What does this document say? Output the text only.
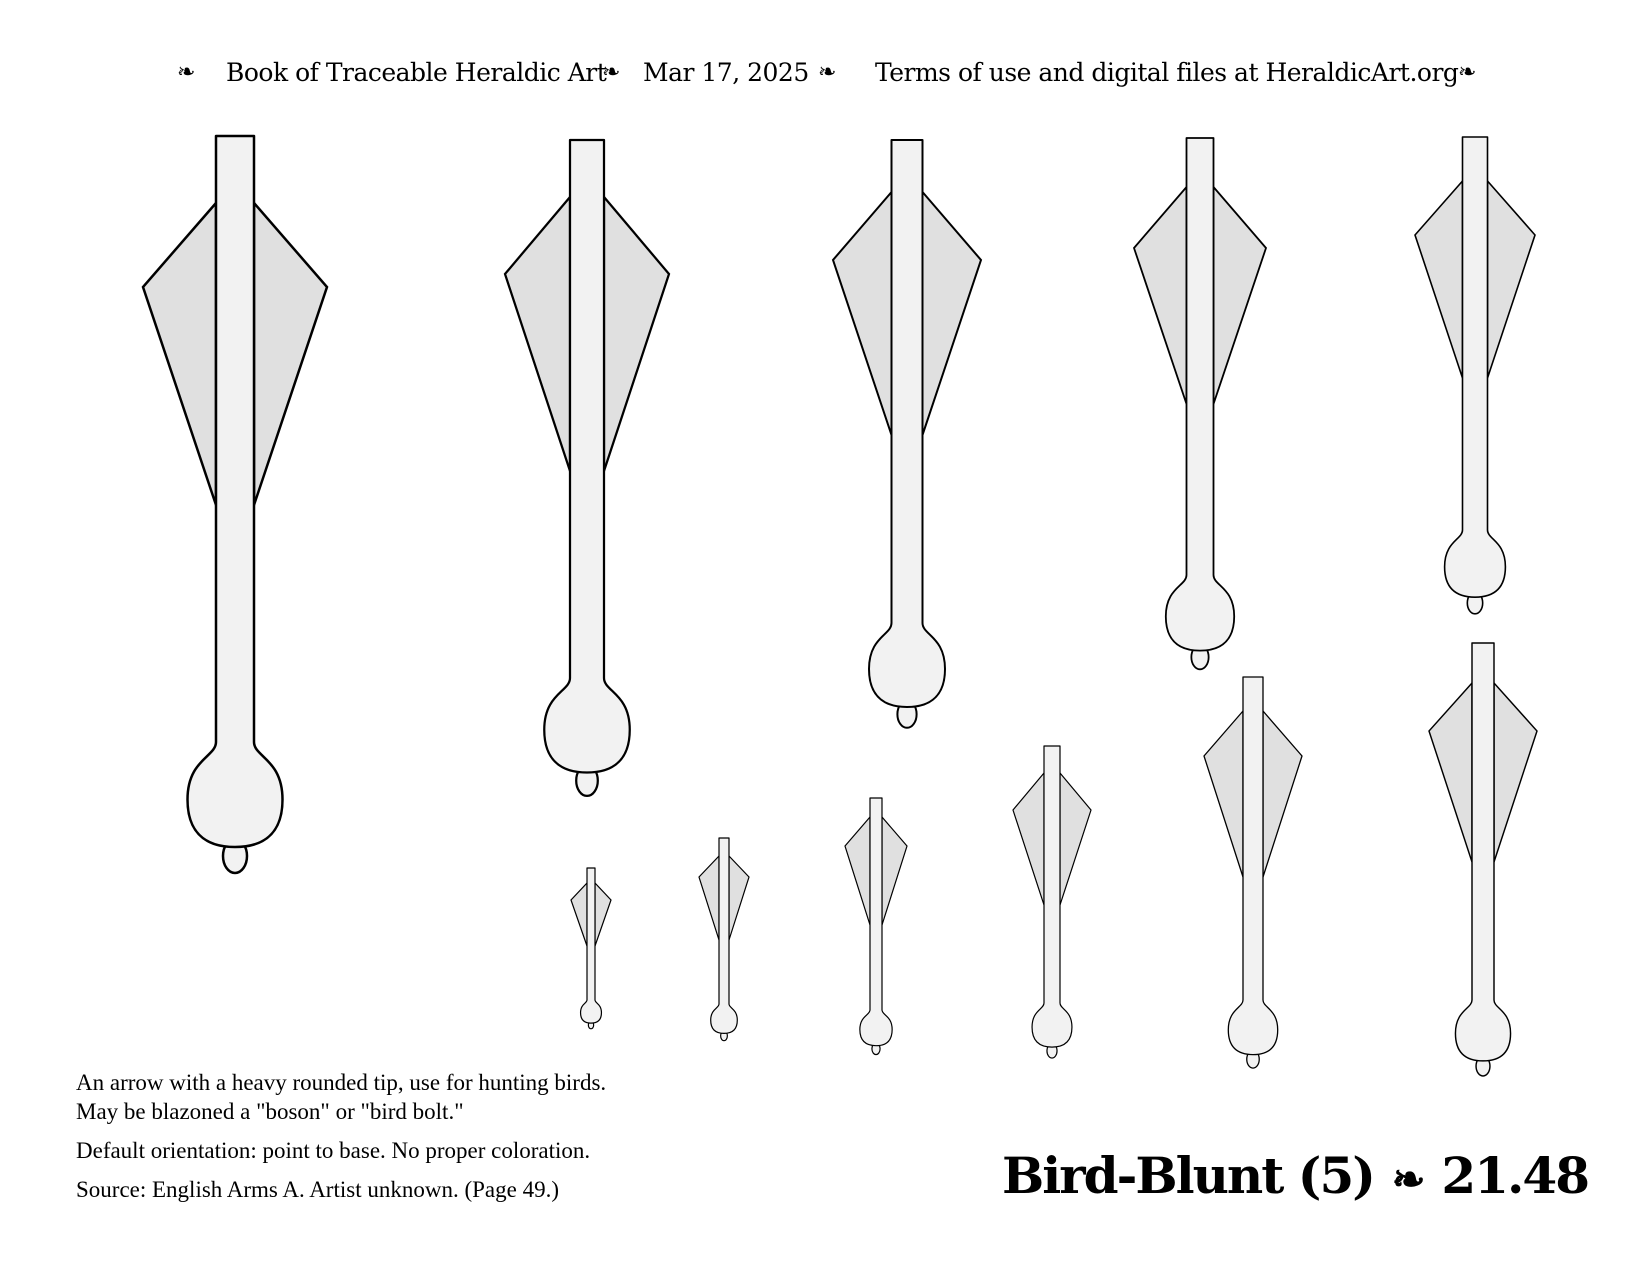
❧ Book of Traceable Heraldic Art
❧ Mar 17, 2025 ❧ Terms of use and digital files at HeraldicArt.org ❧

An arrow with a heavy rounded tip, use for hunting birds.
May be blazoned a "boson" or "bird bolt."

Default orientation: point to base. No proper coloration.

Source: English Arms A. Artist unknown. (Page 49.)	Bird-Blunt (5) ❧ 21.48
